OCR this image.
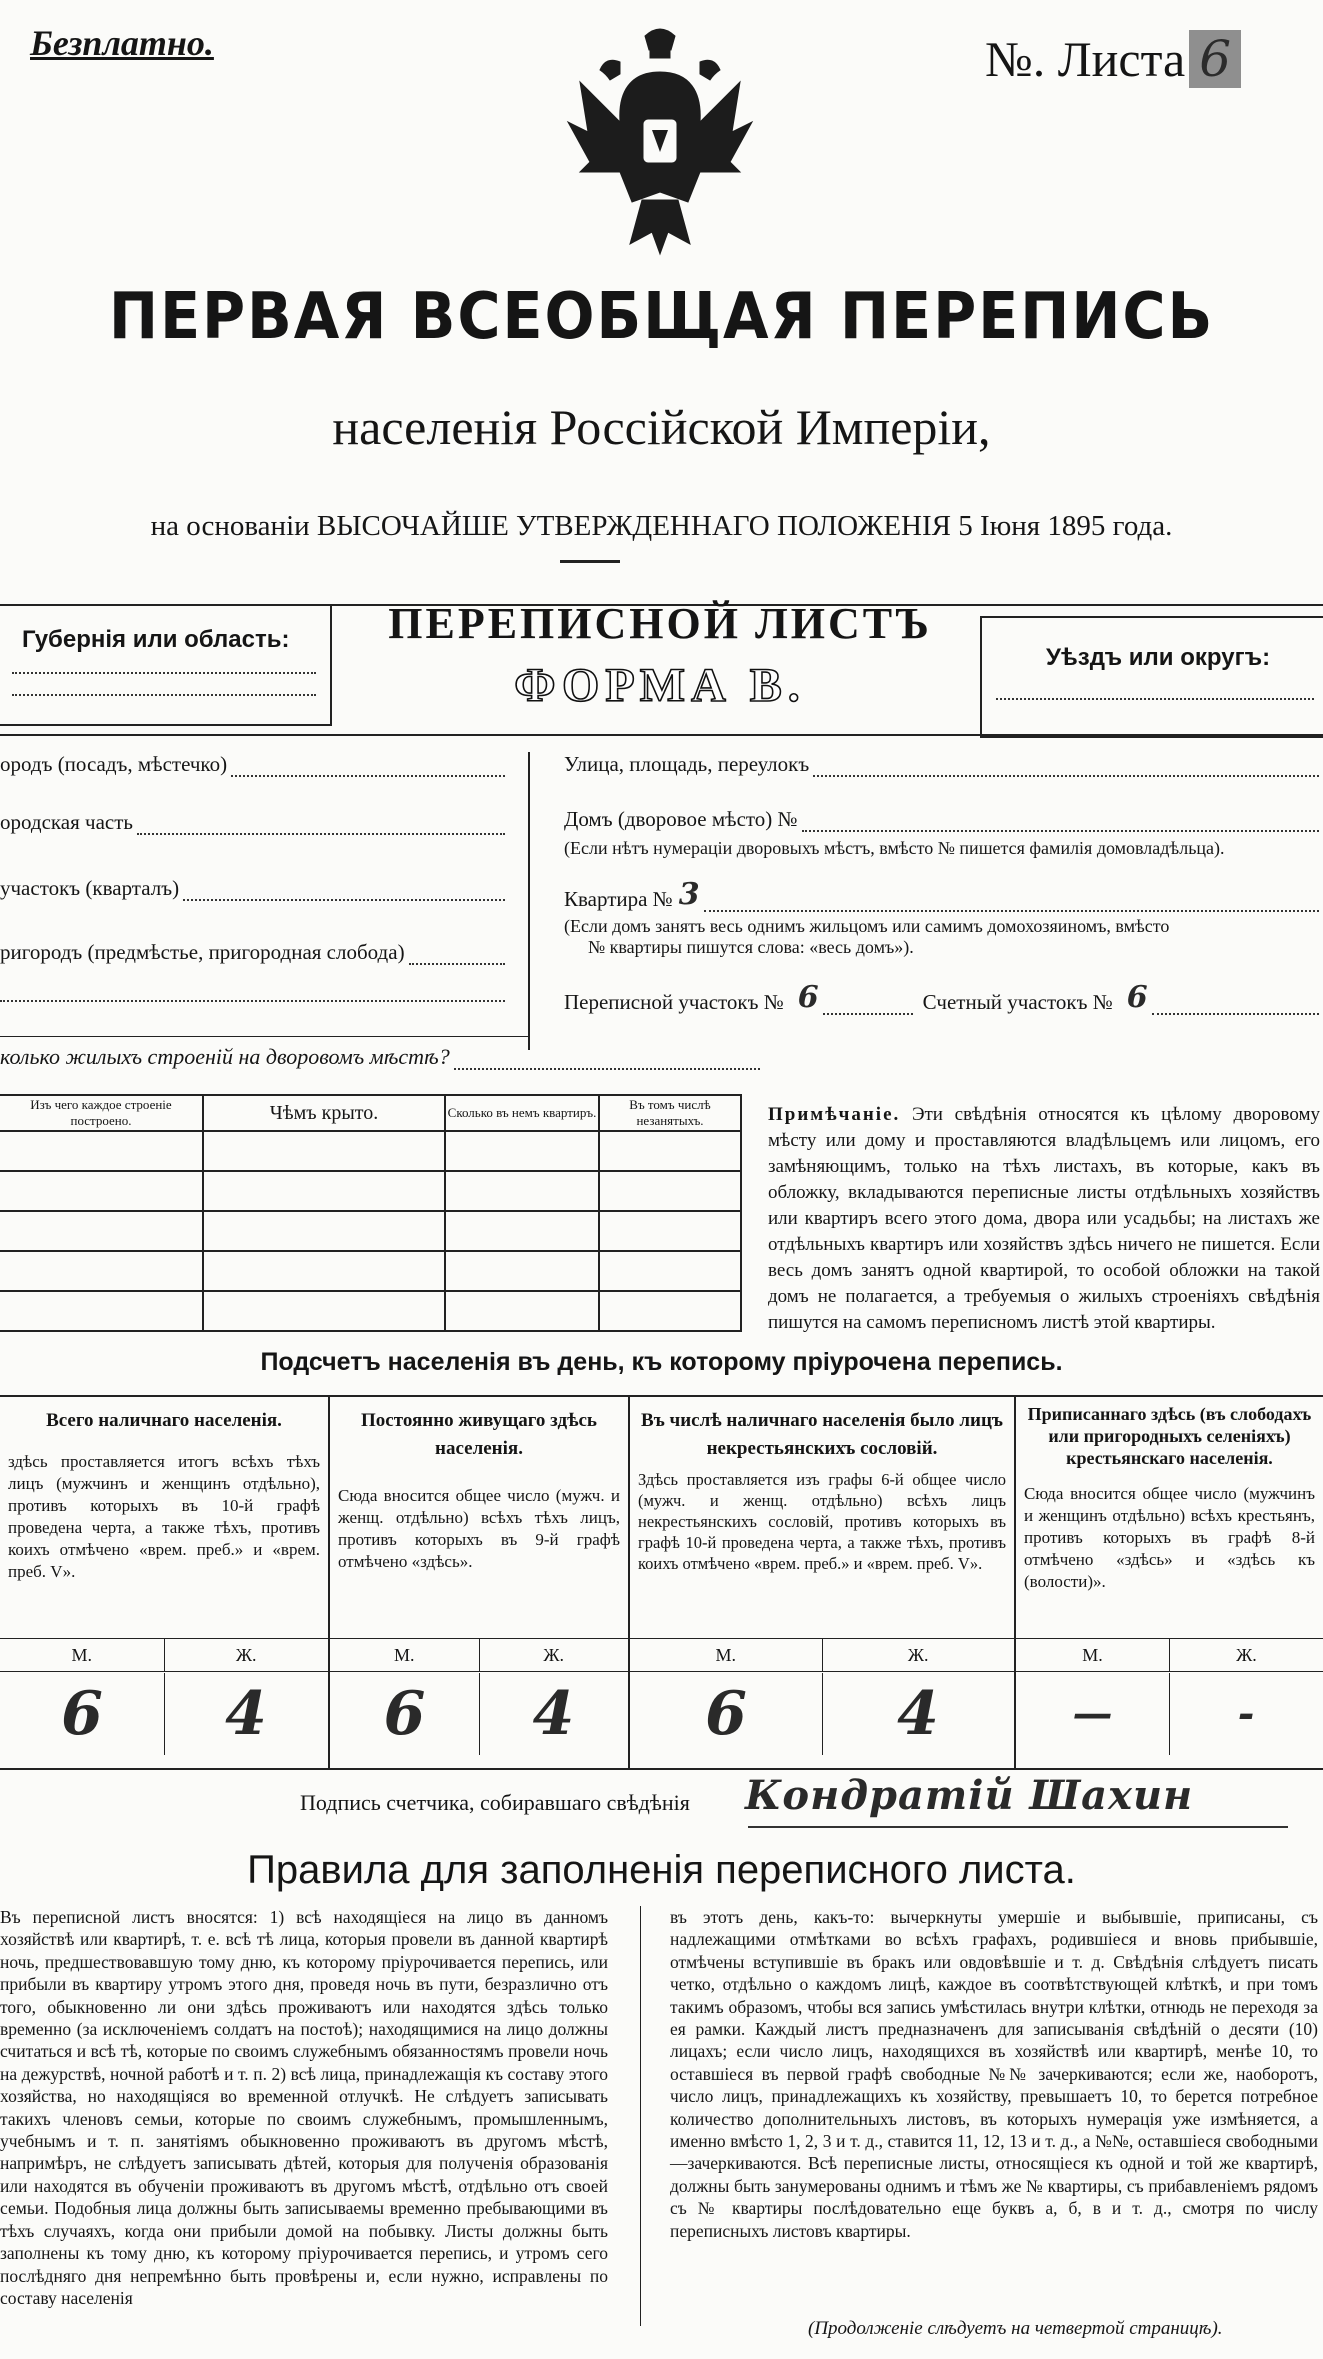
Безплатно.	№. Листа 6
ПЕРВАЯ ВСЕОБЩАЯ ПЕРЕПИСЬ
населенія Россійской Имперіи,
на основаніи ВЫСОЧАЙШЕ УТВЕРЖДЕННАГО ПОЛОЖЕНІЯ 5 Іюня 1895 года.
Губернія или область:	ПЕРЕПИСНОЙ ЛИСТЪ
ФОРМА В.
Уѣздъ или округъ:
ородъ (посадъ, мѣстечко)
ородская часть
участокъ (кварталъ)
ригородъ (предмѣстье, пригородная слобода)
Улица, площадь, переулокъ
Домъ (дворовое мѣсто) №
(Если нѣтъ нумераціи дворовыхъ мѣстъ, вмѣсто № пишется фамилія домовладѣльца).
Квартира № 3
(Если домъ занятъ весь однимъ жильцомъ или самимъ домохозяиномъ, вмѣсто
№ квартиры пишутся слова: «весь домъ»).
Переписной участокъ № 6	Счетный участокъ № 6
колько жилыхъ строеній на дворовомъ мѣстѣ?
Изъ чего каждое строеніе построено.	Чѣмъ крыто.	Сколько въ немъ квартиръ.	Въ томъ числѣ незанятыхъ.

				Примѣчаніе. Эти свѣдѣнія относятся къ цѣлому дворовому мѣсту или дому и проставляются владѣльцемъ или лицомъ, его замѣняющимъ, только на тѣхъ листахъ, въ которые, какъ въ обложку, вкладываются переписные листы отдѣльныхъ хозяйствъ или квартиръ всего этого дома, двора или усадьбы; на листахъ же отдѣльныхъ квартиръ или хозяйствъ здѣсь ничего не пишется. Если весь домъ занятъ одной квартирой, то особой обложки на такой домъ не полагается, а требуемыя о жилыхъ строеніяхъ свѣдѣнія пишутся на самомъ переписномъ листѣ этой квартиры.
Подсчетъ населенія въ день, къ которому пріурочена перепись.
Всего наличнаго населенія.
здѣсь проставляется итогъ всѣхъ тѣхъ лицъ (мужчинъ и женщинъ отдѣльно), противъ которыхъ въ 10-й графѣ проведена черта, а также тѣхъ, противъ коихъ отмѣчено «врем. преб.» и «врем. преб. V».
М.	Ж.
6	4
Постоянно живущаго здѣсь населенія.
Сюда вносится общее число (мужч. и женщ. отдѣльно) всѣхъ тѣхъ лицъ, противъ которыхъ въ 9-й графѣ отмѣчено «здѣсь».
М.	Ж.
6	4
Въ числѣ наличнаго населенія было лицъ некрестьянскихъ сословій.
Здѣсь проставляется изъ графы 6-й общее число (мужч. и женщ. отдѣльно) всѣхъ лицъ некрестьянскихъ сословій, противъ которыхъ въ графѣ 10-й проведена черта, а также тѣхъ, противъ коихъ отмѣчено «врем. преб.» и «врем. преб. V».
М.	Ж.
6	4
Приписаннаго здѣсь (въ слободахъ или пригородныхъ селеніяхъ) крестьянскаго населенія.
Сюда вносится общее число (мужчинъ и женщинъ отдѣльно) всѣхъ крестьянъ, противъ которыхъ въ графѣ 8-й отмѣчено «здѣсь» и «здѣсь къ (волости)».
М.	Ж.
—	-
Подпись счетчика, собиравшаго свѣдѣнія Кондратій Шахин
Правила для заполненія переписного листа.
Въ переписной листъ вносятся: 1) всѣ находящіеся на лицо въ данномъ хозяйствѣ или квартирѣ, т. е. всѣ тѣ лица, которыя провели въ данной квартирѣ ночь, предшествовавшую тому дню, къ которому пріурочивается перепись, или прибыли въ квартиру утромъ этого дня, проведя ночь въ пути, безразлично отъ того, обыкновенно ли они здѣсь проживаютъ или находятся здѣсь только временно (за исключеніемъ солдатъ на постоѣ); находящимися на лицо должны считаться и всѣ тѣ, которые по своимъ служебнымъ обязанностямъ провели ночь на дежурствѣ, ночной работѣ и т. п. 2) всѣ лица, принадлежащія къ составу этого хозяйства, но находящіяся во временной отлучкѣ. Не слѣдуетъ записывать такихъ членовъ семьи, которые по своимъ служебнымъ, промышленнымъ, учебнымъ и т. п. занятіямъ обыкновенно проживаютъ въ другомъ мѣстѣ, напримѣръ, не слѣдуетъ записывать дѣтей, которыя для полученія образованія или находятся въ обученіи проживаютъ въ другомъ мѣстѣ, отдѣльно отъ своей семьи. Подобныя лица должны быть записываемы временно пребывающими въ тѣхъ случаяхъ, когда они прибыли домой на побывку. Листы должны быть заполнены къ тому дню, къ которому пріурочивается перепись, и утромъ сего послѣдняго дня непремѣнно быть провѣрены и, если нужно, исправлены по составу населенія
въ этотъ день, какъ-то: вычеркнуты умершіе и выбывшіе, приписаны, съ надлежащими отмѣтками во всѣхъ графахъ, родившіеся и вновь прибывшіе, отмѣчены вступившіе въ бракъ или овдовѣвшіе и т. д. Свѣдѣнія слѣдуетъ писать четко, отдѣльно о каждомъ лицѣ, каждое въ соотвѣтствующей клѣткѣ, и при томъ такимъ образомъ, чтобы вся запись умѣстилась внутри клѣтки, отнюдь не переходя за ея рамки. Каждый листъ предназначенъ для записыванія свѣдѣній о десяти (10) лицахъ; если число лицъ, находящихся въ хозяйствѣ или квартирѣ, менѣе 10, то оставшіеся въ первой графѣ свободные №№ зачеркиваются; если же, наоборотъ, число лицъ, принадлежащихъ къ хозяйству, превышаетъ 10, то берется потребное количество дополнительныхъ листовъ, въ которыхъ нумерація уже измѣняется, а именно вмѣсто 1, 2, 3 и т. д., ставится 11, 12, 13 и т. д., а №№, оставшіеся свободными—зачеркиваются. Всѣ переписные листы, относящіеся къ одной и той же квартирѣ, должны быть занумерованы однимъ и тѣмъ же № квартиры, съ прибавленіемъ рядомъ съ № квартиры послѣдовательно еще буквъ а, б, в и т. д., смотря по числу переписныхъ листовъ квартиры.
(Продолженіе слѣдуетъ на четвертой страницѣ).
